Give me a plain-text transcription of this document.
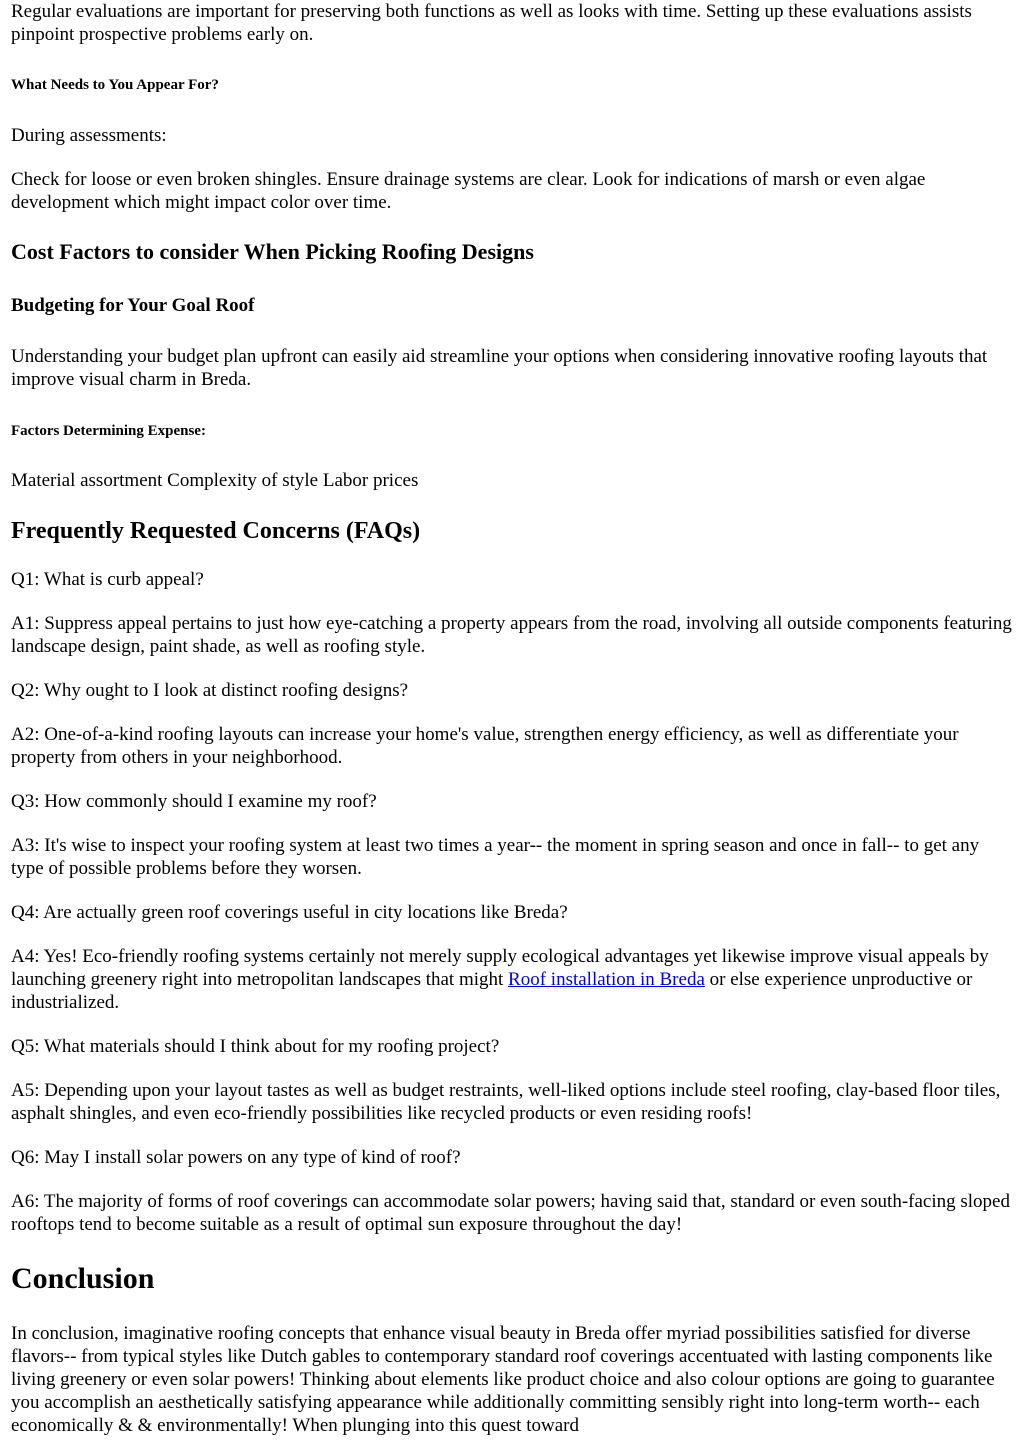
Regular evaluations are important for preserving both functions as well as looks with time. Setting up these evaluations assists pinpoint prospective problems early on.

What Needs to You Appear For?

During assessments:

Check for loose or even broken shingles. Ensure drainage systems are clear. Look for indications of marsh or even algae development which might impact color over time.

Cost Factors to consider When Picking Roofing Designs
Budgeting for Your Goal Roof

Understanding your budget plan upfront can easily aid streamline your options when considering innovative roofing layouts that improve visual charm in Breda.

Factors Determining Expense:

Material assortment Complexity of style Labor prices

Frequently Requested Concerns (FAQs)

Q1: What is curb appeal?

A1: Suppress appeal pertains to just how eye-catching a property appears from the road, involving all outside components featuring landscape design, paint shade, as well as roofing style.

Q2: Why ought to I look at distinct roofing designs?

A2: One-of-a-kind roofing layouts can increase your home's value, strengthen energy efficiency, as well as differentiate your property from others in your neighborhood.

Q3: How commonly should I examine my roof?

A3: It's wise to inspect your roofing system at least two times a year-- the moment in spring season and once in fall-- to get any type of possible problems before they worsen.

Q4: Are actually green roof coverings useful in city locations like Breda?

A4: Yes! Eco-friendly roofing systems certainly not merely supply ecological advantages yet likewise improve visual appeals by launching greenery right into metropolitan landscapes that might Roof installation in Breda or else experience unproductive or industrialized.

Q5: What materials should I think about for my roofing project?

A5: Depending upon your layout tastes as well as budget restraints, well-liked options include steel roofing, clay-based floor tiles, asphalt shingles, and even eco-friendly possibilities like recycled products or even residing roofs!

Q6: May I install solar powers on any type of kind of roof?

A6: The majority of forms of roof coverings can accommodate solar powers; having said that, standard or even south-facing sloped rooftops tend to become suitable as a result of optimal sun exposure throughout the day!

Conclusion

In conclusion, imaginative roofing concepts that enhance visual beauty in Breda offer myriad possibilities satisfied for diverse flavors-- from typical styles like Dutch gables to contemporary standard roof coverings accentuated with lasting components like living greenery or even solar powers! Thinking about elements like product choice and also colour options are going to guarantee you accomplish an aesthetically satisfying appearance while additionally committing sensibly right into long-term worth-- each economically & & environmentally! When plunging into this quest toward
